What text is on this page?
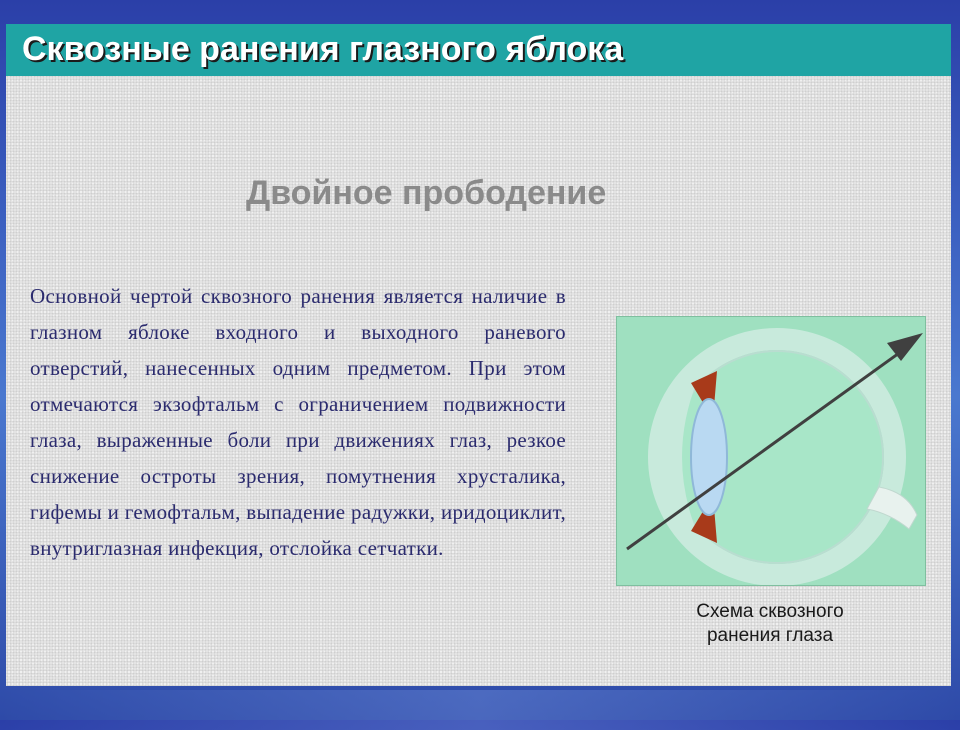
Сквозные ранения глазного яблока
Двойное прободение
Основной чертой сквозного ранения является наличие в глазном яблоке входного и выходного раневого отверстий, нанесенных одним предметом. При этом отмечаются экзофтальм с ограничением подвижности глаза, выраженные боли при движениях глаз, резкое снижение остроты зрения, помутнения хрусталика, гифемы и гемофтальм, выпадение радужки, иридоциклит, внутриглазная инфекция, отслойка сетчатки.
Схема сквозного
ранения глаза
